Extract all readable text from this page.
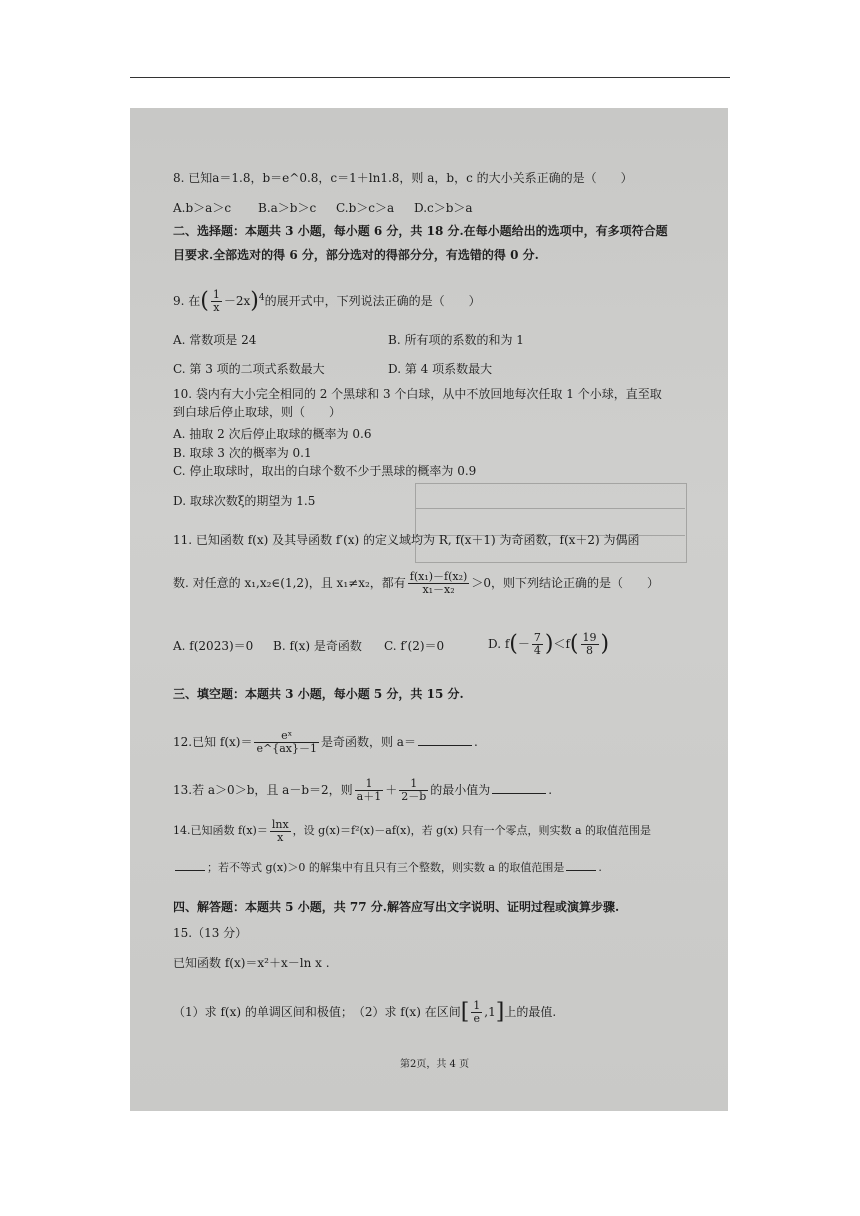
8. 已知a＝1.8，b＝e^0.8，c＝1＋ln1.8，则 a，b，c 的大小关系正确的是（　　）
A.b＞a＞c B.a＞b＞c C.b＞c＞a D.c＞b＞a
二、选择题：本题共 3 小题，每小题 6 分，共 18 分.在每小题给出的选项中，有多项符合题
目要求.全部选对的得 6 分，部分选对的得部分分，有选错的得 0 分.
9. 在( $\frac{1}{x} -2x)^4$的展开式中，下列说法正确的是（　　）
A. 常数项是 24	B. 所有项的系数的和为 1
C. 第 3 项的二项式系数最大	D. 第 4 项系数最大
10. 袋内有大小完全相同的 2 个黑球和 3 个白球，从中不放回地每次任取 1 个小球，直至取
到白球后停止取球，则（　　）
A. 抽取 2 次后停止取球的概率为 0.6
B. 取球 3 次的概率为 0.1
C. 停止取球时，取出的白球个数不少于黑球的概率为 0.9
D. 取球次数ξ的期望为 1.5
11. 已知函数 f(x) 及其导函数 f′(x) 的定义域均为 R, f(x＋1) 为奇函数，f(x＋2) 为偶函
数. 对任意的 x₁,x₂∈(1,2)，且 x₁≠x₂，都有 $\frac{\text{f(x₁)－f(x₂)}}{\text{x₁－x₂}} >0$，则下列结论正确的是（　　）
A. f(2023)＝0 B. f(x) 是奇函数 C. f′(2)＝0	D. $f(- \frac{7}{4} )<f( \frac{19}{8}$ )
三、填空题：本题共 3 小题，每小题 5 分，共 15 分.
12.已知 $f(x)= \frac{\text{eˣ}}{e\^{}\{ax\}-1}$ 是奇函数，则 a＝	.
13.若 a＞0＞b，且 a－b＝2，则 $\frac{1}{a+1} + \frac{1}{2-b}$ 的最小值为	.
14.已知函数 $f(x)= \frac{\ln x}{x}$ ，设 g(x)＝f²(x)－af(x)，若 g(x) 只有一个零点，则实数 a 的取值范围是
；若不等式 g(x)＞0 的解集中有且只有三个整数，则实数 a 的取值范围是	.
四、解答题：本题共 5 小题，共 77 分.解答应写出文字说明、证明过程或演算步骤.
15.（13 分）
已知函数 f(x)＝x²＋x－ln x .
（1）求 f(x) 的单调区间和极值；　 （2）求 f(x) 在区间[ $\frac{1}{e} ,1$]上的最值.
第2页，共 4 页
